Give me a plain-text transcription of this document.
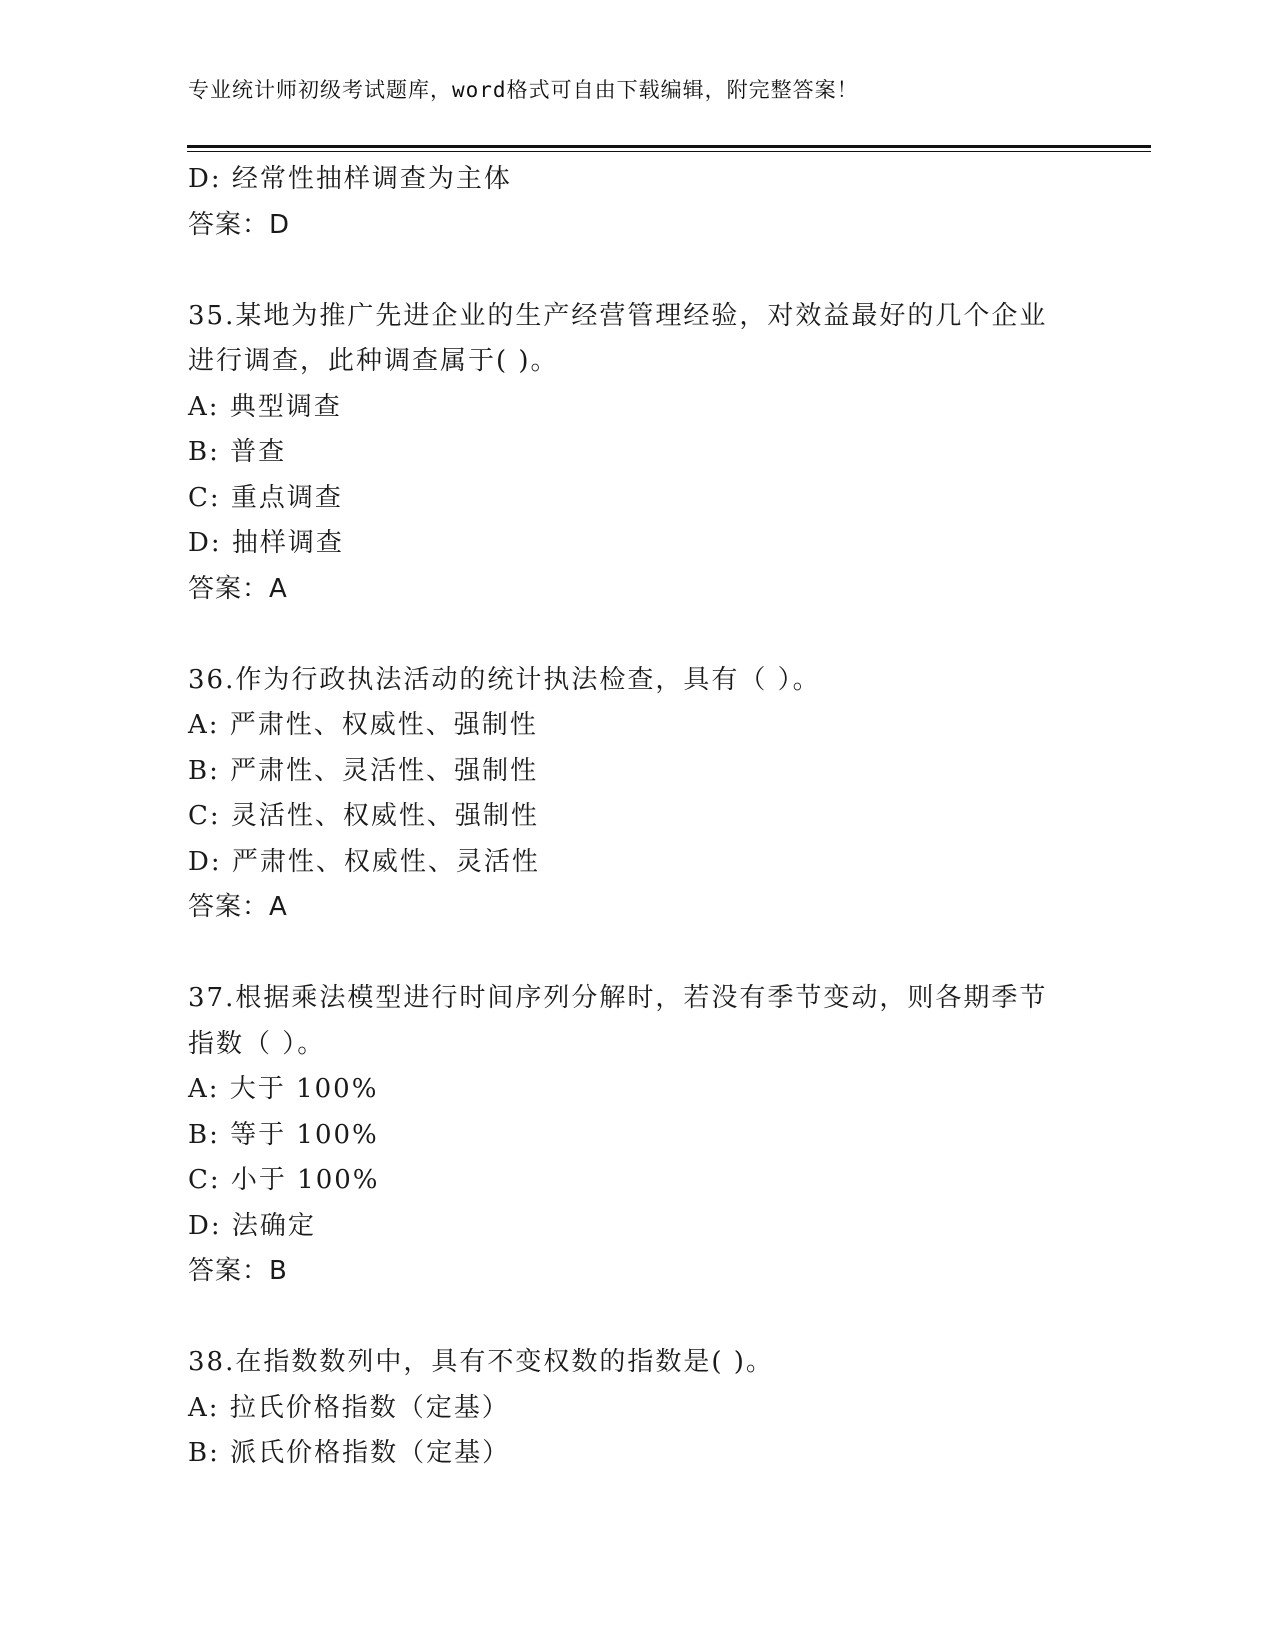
专业统计师初级考试题库，word格式可自由下载编辑，附完整答案！
D: 经常性抽样调查为主体
答案：D
35.某地为推广先进企业的生产经营管理经验，对效益最好的几个企业
进行调查，此种调查属于( )。
A: 典型调查
B: 普查
C: 重点调查
D: 抽样调查
答案：A
36.作为行政执法活动的统计执法检查，具有（ ）。
A: 严肃性、权威性、强制性
B: 严肃性、灵活性、强制性
C: 灵活性、权威性、强制性
D: 严肃性、权威性、灵活性
答案：A
37.根据乘法模型进行时间序列分解时，若没有季节变动，则各期季节
指数（ ）。
A: 大于 100%
B: 等于 100%
C: 小于 100%
D: 法确定
答案：B
38.在指数数列中，具有不变权数的指数是( )。
A: 拉氏价格指数（定基）
B: 派氏价格指数（定基）
